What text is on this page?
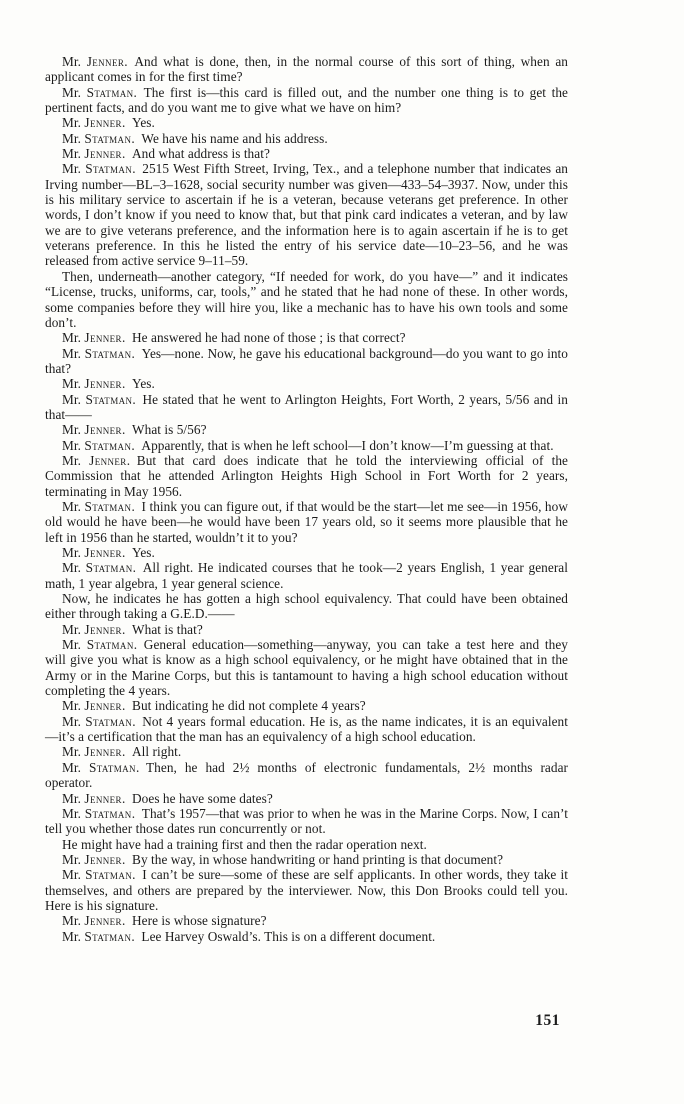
Mr. Jenner. And what is done, then, in the normal course of this sort of thing, when an applicant comes in for the first time?

Mr. Statman. The first is—this card is filled out, and the number one thing is to get the pertinent facts, and do you want me to give what we have on him?

Mr. Jenner. Yes.

Mr. Statman. We have his name and his address.

Mr. Jenner. And what address is that?

Mr. Statman. 2515 West Fifth Street, Irving, Tex., and a telephone number that indicates an Irving number—BL–3–1628, social security number was given—433–54–3937. Now, under this is his military service to ascertain if he is a veteran, because veterans get preference. In other words, I don’t know if you need to know that, but that pink card indicates a veteran, and by law we are to give veterans preference, and the information here is to again ascertain if he is to get veterans preference. In this he listed the entry of his service date—10–23–56, and he was released from active service 9–11–59.

Then, underneath—another category, “If needed for work, do you have—” and it indicates “License, trucks, uniforms, car, tools,” and he stated that he had none of these. In other words, some companies before they will hire you, like a mechanic has to have his own tools and some don’t.

Mr. Jenner. He answered he had none of those ; is that correct?

Mr. Statman. Yes—none. Now, he gave his educational background—do you want to go into that?

Mr. Jenner. Yes.

Mr. Statman. He stated that he went to Arlington Heights, Fort Worth, 2 years, 5/56 and in that——

Mr. Jenner. What is 5/56?

Mr. Statman. Apparently, that is when he left school—I don’t know—I’m guessing at that.

Mr. Jenner. But that card does indicate that he told the interviewing official of the Commission that he attended Arlington Heights High School in Fort Worth for 2 years, terminating in May 1956.

Mr. Statman. I think you can figure out, if that would be the start—let me see—in 1956, how old would he have been—he would have been 17 years old, so it seems more plausible that he left in 1956 than he started, wouldn’t it to you?

Mr. Jenner. Yes.

Mr. Statman. All right. He indicated courses that he took—2 years English, 1 year general math, 1 year algebra, 1 year general science.

Now, he indicates he has gotten a high school equivalency. That could have been obtained either through taking a G.E.D.——

Mr. Jenner. What is that?

Mr. Statman. General education—something—anyway, you can take a test here and they will give you what is know as a high school equivalency, or he might have obtained that in the Army or in the Marine Corps, but this is tantamount to having a high school education without completing the 4 years.

Mr. Jenner. But indicating he did not complete 4 years?

Mr. Statman. Not 4 years formal education. He is, as the name indicates, it is an equivalent—it’s a certification that the man has an equivalency of a high school education.

Mr. Jenner. All right.

Mr. Statman. Then, he had 2½ months of electronic fundamentals, 2½ months radar operator.

Mr. Jenner. Does he have some dates?

Mr. Statman. That’s 1957—that was prior to when he was in the Marine Corps. Now, I can’t tell you whether those dates run concurrently or not.

He might have had a training first and then the radar operation next.

Mr. Jenner. By the way, in whose handwriting or hand printing is that document?

Mr. Statman. I can’t be sure—some of these are self applicants. In other words, they take it themselves, and others are prepared by the interviewer. Now, this Don Brooks could tell you. Here is his signature.

Mr. Jenner. Here is whose signature?

Mr. Statman. Lee Harvey Oswald’s. This is on a different document.

151
